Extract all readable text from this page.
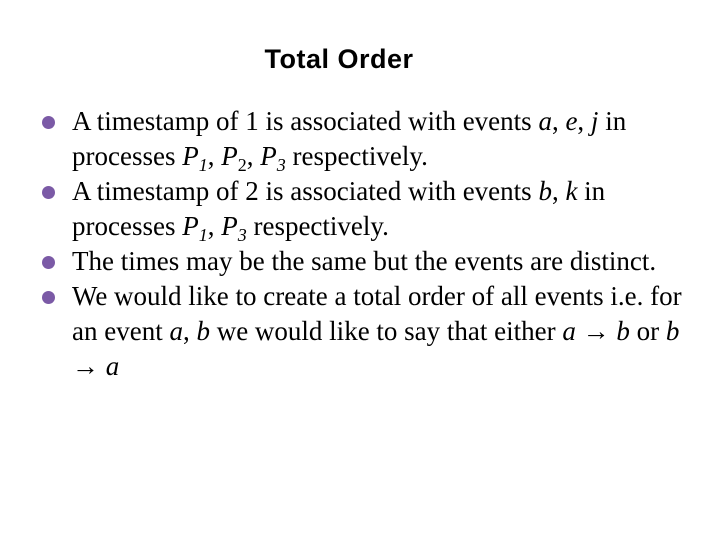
Total Order
A timestamp of 1 is associated with events a, e, j in processes $P_1$, $P_2$, $P_3$ respectively.
A timestamp of 2 is associated with events b, k in processes $P_1$, $P_3$ respectively.
The times may be the same but the events are distinct.
We would like to create a total order of all events i.e. for an event a, b we would like to say that either a → b or b → a
